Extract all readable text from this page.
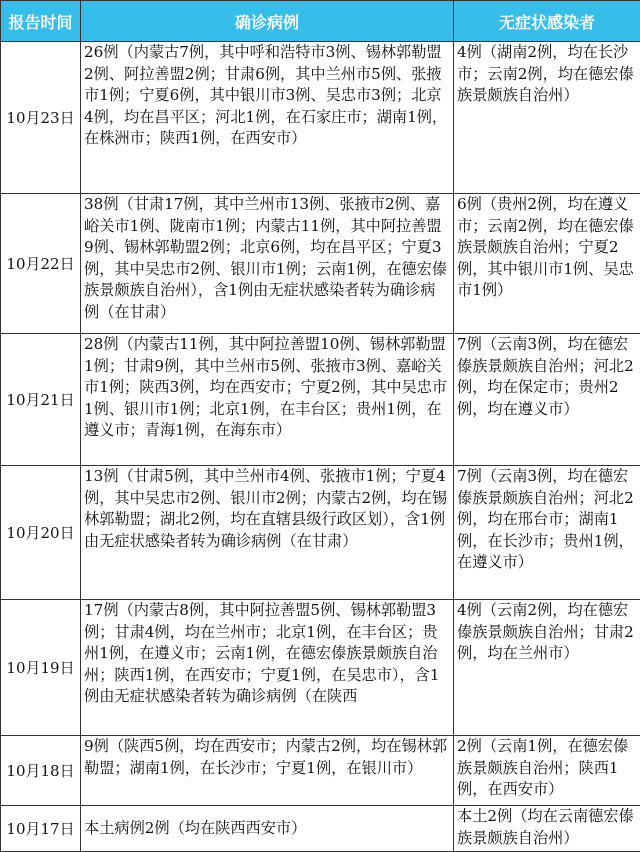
报告时间	确诊病例	无症状感染者
10月23日	26例（内蒙古7例，其中呼和浩特市3例、锡林郭勒盟2例、阿拉善盟2例；甘肃6例，其中兰州市5例、张掖市1例；宁夏6例，其中银川市3例、吴忠市3例；北京4例，均在昌平区；河北1例，在石家庄市；湖南1例，在株洲市；陕西1例，在西安市）	4例（湖南2例，均在长沙市；云南2例，均在德宏傣族景颇族自治州）
10月22日	38例（甘肃17例，其中兰州市13例、张掖市2例、嘉峪关市1例、陇南市1例；内蒙古11例，其中阿拉善盟9例、锡林郭勒盟2例；北京6例，均在昌平区；宁夏3例，其中吴忠市2例、银川市1例；云南1例，在德宏傣族景颇族自治州），含1例由无症状感染者转为确诊病例（在甘肃）	6例（贵州2例，均在遵义市；云南2例，均在德宏傣族景颇族自治州；宁夏2例，其中银川市1例、吴忠市1例）
10月21日	28例（内蒙古11例，其中阿拉善盟10例、锡林郭勒盟1例；甘肃9例，其中兰州市5例、张掖市3例、嘉峪关市1例；陕西3例，均在西安市；宁夏2例，其中吴忠市1例、银川市1例；北京1例，在丰台区；贵州1例，在遵义市；青海1例，在海东市）	7例（云南3例，均在德宏傣族景颇族自治州；河北2例，均在保定市；贵州2例，均在遵义市）
10月20日	13例（甘肃5例，其中兰州市4例、张掖市1例；宁夏4例，其中吴忠市2例、银川市2例；内蒙古2例，均在锡林郭勒盟；湖北2例，均在直辖县级行政区划），含1例由无症状感染者转为确诊病例（在甘肃）	7例（云南3例，均在德宏傣族景颇族自治州；河北2例，均在邢台市；湖南1例，在长沙市；贵州1例，在遵义市）
10月19日	17例（内蒙古8例，其中阿拉善盟5例、锡林郭勒盟3例；甘肃4例，均在兰州市；北京1例，在丰台区；贵州1例，在遵义市；云南1例，在德宏傣族景颇族自治州；陕西1例，在西安市；宁夏1例，在吴忠市），含1例由无症状感染者转为确诊病例（在陕西	4例（云南2例，均在德宏傣族景颇族自治州；甘肃2例，均在兰州市）
10月18日	9例（陕西5例，均在西安市；内蒙古2例，均在锡林郭勒盟；湖南1例，在长沙市；宁夏1例，在银川市）	2例（云南1例，在德宏傣族景颇族自治州；陕西1例，在西安市）
10月17日	本土病例2例（均在陕西西安市）	本土2例（均在云南德宏傣族景颇族自治州）
